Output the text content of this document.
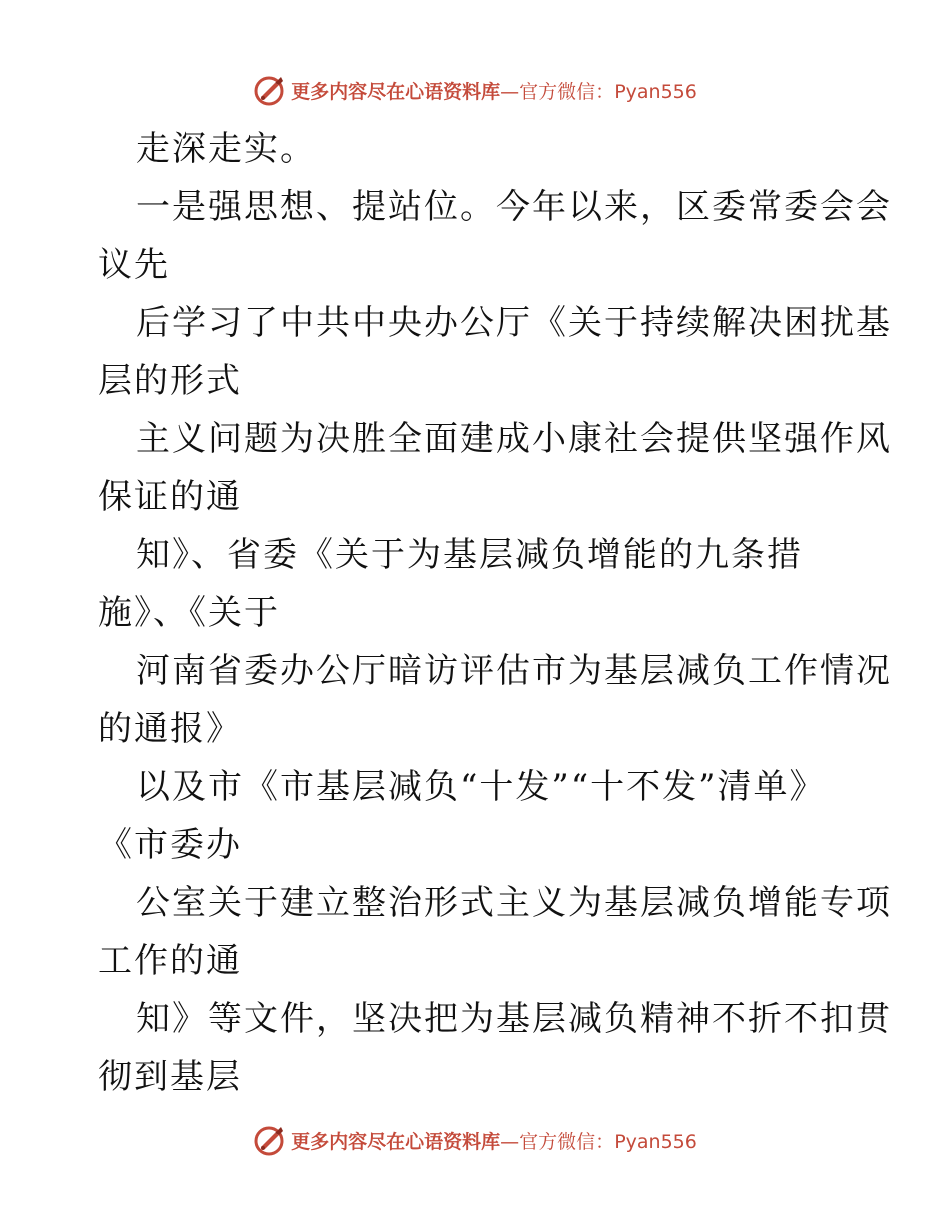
更多内容尽在心语资料库—官方微信：Pyan556
走深走实。
一是强思想、提站位。今年以来，区委常委会会
议先
后学习了中共中央办公厅《关于持续解决困扰基
层的形式
主义问题为决胜全面建成小康社会提供坚强作风
保证的通
知》、省委《关于为基层减负增能的九条措
施》、《关于
河南省委办公厅暗访评估市为基层减负工作情况
的通报》
以及市《市基层减负“十发”“十不发”清单》
《市委办
公室关于建立整治形式主义为基层减负增能专项
工作的通
知》等文件，坚决把为基层减负精神不折不扣贯
彻到基层
更多内容尽在心语资料库—官方微信：Pyan556
